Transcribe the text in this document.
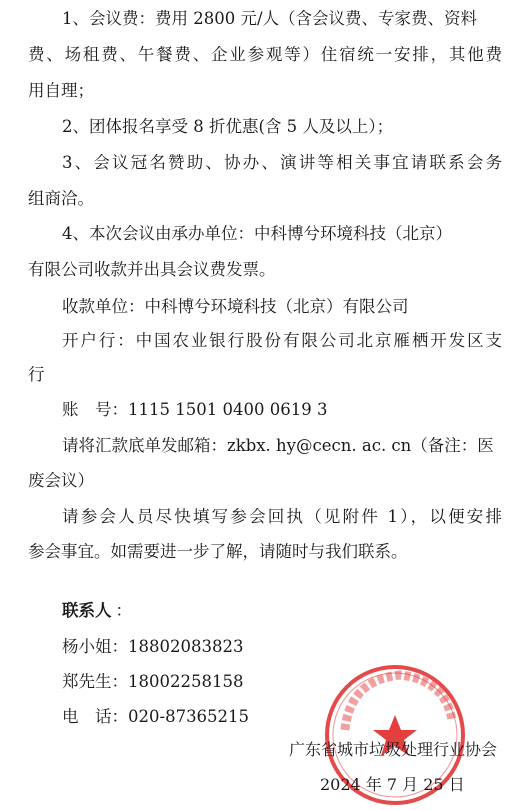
1、会议费：费用 2800 元/人（含会议费、专家费、资料
费、场租费、午餐费、企业参观等）住宿统一安排，其他费
用自理；
2、团体报名享受 8 折优惠(含 5 人及以上）；
3、会议冠名赞助、协办、演讲等相关事宜请联系会务
组商洽。
4、本次会议由承办单位：中科博兮环境科技（北京）
有限公司收款并出具会议费发票。
收款单位：中科博兮环境科技（北京）有限公司
开户行：中国农业银行股份有限公司北京雁栖开发区支
行
账　号：1115 1501 0400 0619 3
请将汇款底单发邮箱：zkbx. hy@cecn. ac. cn（备注：医
废会议）
请参会人员尽快填写参会回执（见附件 1），以便安排
参会事宜。如需要进一步了解，请随时与我们联系。
联系人 ：
杨小姐：18802083823
郑先生：18002258158
电　话：020-87365215
广东省城市垃圾处理行业协会
2024 年 7 月 25 日
